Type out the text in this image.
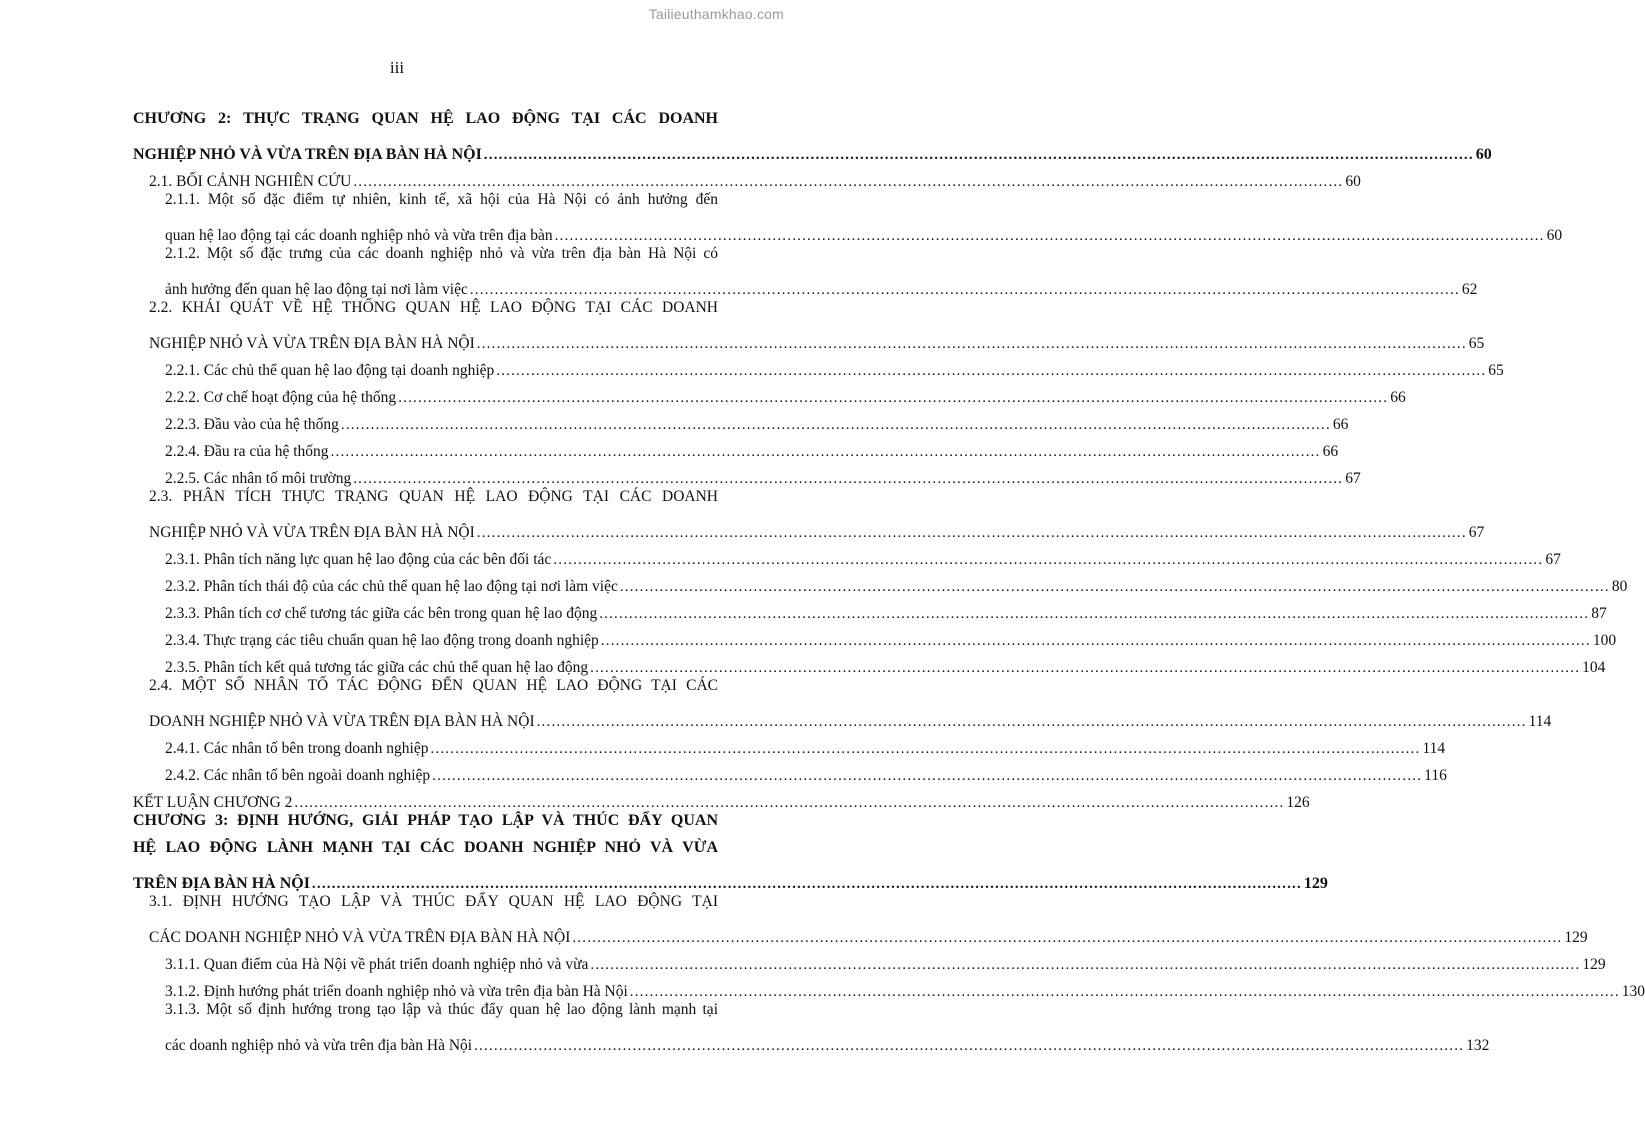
Tailieuthamkhao.com
iii
CHƯƠNG 2: THỰC TRẠNG QUAN HỆ LAO ĐỘNG TẠI CÁC DOANH
NGHIỆP NHỎ VÀ VỪA TRÊN ĐỊA BÀN HÀ NỘI ........................................................................................................................................................................................................ 60
2.1. BỐI CẢNH NGHIÊN CỨU ........................................................................................................................................................................................................ 60
2.1.1. Một số đặc điểm tự nhiên, kinh tế, xã hội của Hà Nội có ảnh hưởng đến
quan hệ lao động tại các doanh nghiệp nhỏ và vừa trên địa bàn ........................................................................................................................................................................................................ 60
2.1.2. Một số đặc trưng của các doanh nghiệp nhỏ và vừa trên địa bàn Hà Nội có
ảnh hưởng đến quan hệ lao động tại nơi làm việc ........................................................................................................................................................................................................ 62
2.2. KHÁI QUÁT VỀ HỆ THỐNG QUAN HỆ LAO ĐỘNG TẠI CÁC DOANH
NGHIỆP NHỎ VÀ VỪA TRÊN ĐỊA BÀN HÀ NỘI ........................................................................................................................................................................................................ 65
2.2.1. Các chủ thể quan hệ lao động tại doanh nghiệp ........................................................................................................................................................................................................ 65
2.2.2. Cơ chế hoạt động của hệ thống ........................................................................................................................................................................................................ 66
2.2.3. Đầu vào của hệ thống ........................................................................................................................................................................................................ 66
2.2.4. Đầu ra của hệ thống ........................................................................................................................................................................................................ 66
2.2.5. Các nhân tố môi trường ........................................................................................................................................................................................................ 67
2.3. PHÂN TÍCH THỰC TRẠNG QUAN HỆ LAO ĐỘNG TẠI CÁC DOANH
NGHIỆP NHỎ VÀ VỪA TRÊN ĐỊA BÀN HÀ NỘI ........................................................................................................................................................................................................ 67
2.3.1. Phân tích năng lực quan hệ lao động của các bên đối tác ........................................................................................................................................................................................................ 67
2.3.2. Phân tích thái độ của các chủ thể quan hệ lao động tại nơi làm việc ........................................................................................................................................................................................................ 80
2.3.3. Phân tích cơ chế tương tác giữa các bên trong quan hệ lao động ........................................................................................................................................................................................................ 87
2.3.4. Thực trạng các tiêu chuẩn quan hệ lao động trong doanh nghiệp ........................................................................................................................................................................................................ 100
2.3.5. Phân tích kết quả tương tác giữa các chủ thể quan hệ lao động ........................................................................................................................................................................................................ 104
2.4. MỘT SỐ NHÂN TỐ TÁC ĐỘNG ĐẾN QUAN HỆ LAO ĐỘNG TẠI CÁC
DOANH NGHIỆP NHỎ VÀ VỪA TRÊN ĐỊA BÀN HÀ NỘI ........................................................................................................................................................................................................ 114
2.4.1. Các nhân tố bên trong doanh nghiệp ........................................................................................................................................................................................................ 114
2.4.2. Các nhân tố bên ngoài doanh nghiệp ........................................................................................................................................................................................................ 116
KẾT LUẬN CHƯƠNG 2 ........................................................................................................................................................................................................ 126
CHƯƠNG 3: ĐỊNH HƯỚNG, GIẢI PHÁP TẠO LẬP VÀ THÚC ĐẨY QUAN
HỆ LAO ĐỘNG LÀNH MẠNH TẠI CÁC DOANH NGHIỆP NHỎ VÀ VỪA
TRÊN ĐỊA BÀN HÀ NỘI ........................................................................................................................................................................................................ 129
3.1. ĐỊNH HƯỚNG TẠO LẬP VÀ THÚC ĐẨY QUAN HỆ LAO ĐỘNG TẠI
CÁC DOANH NGHIỆP NHỎ VÀ VỪA TRÊN ĐỊA BÀN HÀ NỘI ........................................................................................................................................................................................................ 129
3.1.1. Quan điểm của Hà Nội về phát triển doanh nghiệp nhỏ và vừa ........................................................................................................................................................................................................ 129
3.1.2. Định hướng phát triển doanh nghiệp nhỏ và vừa trên địa bàn Hà Nội ........................................................................................................................................................................................................ 130
3.1.3. Một số định hướng trong tạo lập và thúc đẩy quan hệ lao động lành mạnh tại
các doanh nghiệp nhỏ và vừa trên địa bàn Hà Nội ........................................................................................................................................................................................................ 132
